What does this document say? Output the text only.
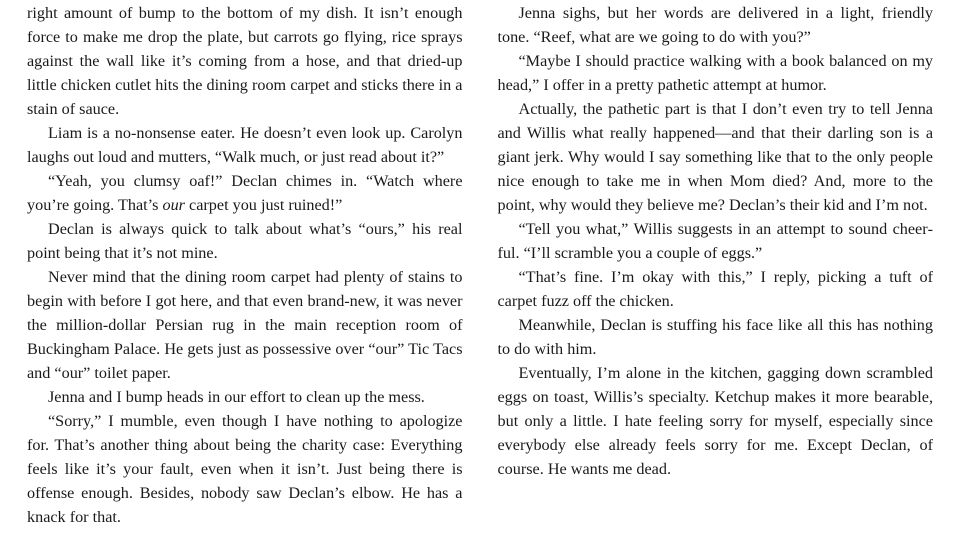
right amount of bump to the bottom of my dish. It isn’t enough force to make me drop the plate, but carrots go flying, rice sprays against the wall like it’s coming from a hose, and that dried-up little chicken cutlet hits the dining room carpet and sticks there in a stain of sauce.

Liam is a no-nonsense eater. He doesn’t even look up. Carolyn laughs out loud and mutters, “Walk much, or just read about it?”

“Yeah, you clumsy oaf!” Declan chimes in. “Watch where you’re going. That’s our carpet you just ruined!”

Declan is always quick to talk about what’s “ours,” his real point being that it’s not mine.

Never mind that the dining room carpet had plenty of stains to begin with before I got here, and that even brand-new, it was never the million-dollar Persian rug in the main reception room of Buckingham Palace. He gets just as possessive over “our” Tic Tacs and “our” toilet paper.

Jenna and I bump heads in our effort to clean up the mess.

“Sorry,” I mumble, even though I have nothing to apologize for. That’s another thing about being the charity case: Everything feels like it’s your fault, even when it isn’t. Just being there is offense enough. Besides, nobody saw Declan’s elbow. He has a knack for that.

Jenna sighs, but her words are delivered in a light, friendly tone. “Reef, what are we going to do with you?”

“Maybe I should practice walking with a book balanced on my head,” I offer in a pretty pathetic attempt at humor.

Actually, the pathetic part is that I don’t even try to tell Jenna and Willis what really happened—and that their darling son is a giant jerk. Why would I say something like that to the only people nice enough to take me in when Mom died? And, more to the point, why would they believe me? Declan’s their kid and I’m not.

“Tell you what,” Willis suggests in an attempt to sound cheerful. “I’ll scramble you a couple of eggs.”

“That’s fine. I’m okay with this,” I reply, picking a tuft of carpet fuzz off the chicken.

Meanwhile, Declan is stuffing his face like all this has nothing to do with him.

Eventually, I’m alone in the kitchen, gagging down scrambled eggs on toast, Willis’s specialty. Ketchup makes it more bearable, but only a little. I hate feeling sorry for myself, especially since everybody else already feels sorry for me. Except Declan, of course. He wants me dead.
